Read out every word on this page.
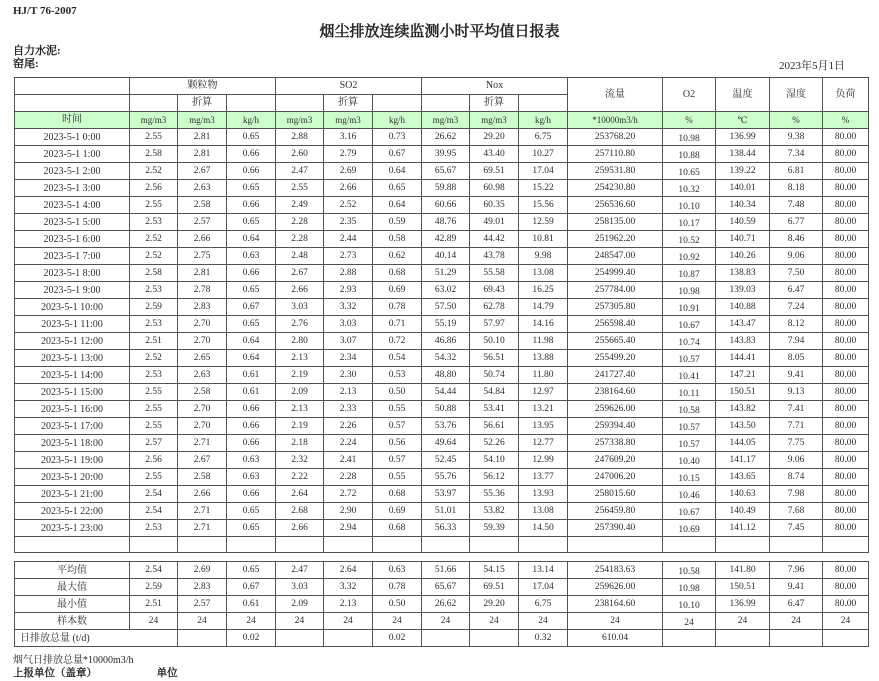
HJ/T 76-2007
烟尘排放连续监测小时平均值日报表
自力水泥:
窑尾:	2023年5月1日
	颗粒物			SO2			Nox			流量	O2	温度	湿度	负荷
		折算			折算			折算						
时间	mg/m3	mg/m3	kg/h	mg/m3	mg/m3	kg/h	mg/m3	mg/m3	kg/h	*10000m3/h	%	℃	%	%
2023-5-1 0:00	2.55	2.81	0.65	2.88	3.16	0.73	26.62	29.20	6.75	253768.20	10.98	136.99	9.38	80.00
2023-5-1 1:00	2.58	2.81	0.66	2.60	2.79	0.67	39.95	43.40	10.27	257110.80	10.88	138.44	7.34	80.00
2023-5-1 2:00	2.52	2.67	0.66	2.47	2.69	0.64	65.67	69.51	17.04	259531.80	10.65	139.22	6.81	80.00
2023-5-1 3:00	2.56	2.63	0.65	2.55	2.66	0.65	59.88	60.98	15.22	254230.80	10.32	140.01	8.18	80.00
2023-5-1 4:00	2.55	2.58	0.66	2.49	2.52	0.64	60.66	60.35	15.56	256536.60	10.10	140.34	7.48	80.00
2023-5-1 5:00	2.53	2.57	0.65	2.28	2.35	0.59	48.76	49.01	12.59	258135.00	10.17	140.59	6.77	80.00
2023-5-1 6:00	2.52	2.66	0.64	2.28	2.44	0.58	42.89	44.42	10.81	251962.20	10.52	140.71	8.46	80.00
2023-5-1 7:00	2.52	2.75	0.63	2.48	2.73	0.62	40.14	43.78	9.98	248547.00	10.92	140.26	9.06	80.00
2023-5-1 8:00	2.58	2.81	0.66	2.67	2.88	0.68	51.29	55.58	13.08	254999.40	10.87	138.83	7.50	80.00
2023-5-1 9:00	2.53	2.78	0.65	2.66	2.93	0.69	63.02	69.43	16.25	257784.00	10.98	139.03	6.47	80.00
2023-5-1 10:00	2.59	2.83	0.67	3.03	3.32	0.78	57.50	62.78	14.79	257305.80	10.91	140.88	7.24	80.00
2023-5-1 11:00	2.53	2.70	0.65	2.76	3.03	0.71	55.19	57.97	14.16	256598.40	10.67	143.47	8.12	80.00
2023-5-1 12:00	2.51	2.70	0.64	2.80	3.07	0.72	46.86	50.10	11.98	255665.40	10.74	143.83	7.94	80.00
2023-5-1 13:00	2.52	2.65	0.64	2.13	2.34	0.54	54.32	56.51	13.88	255499.20	10.57	144.41	8.05	80.00
2023-5-1 14:00	2.53	2.63	0.61	2.19	2.30	0.53	48.80	50.74	11.80	241727.40	10.41	147.21	9.41	80.00
2023-5-1 15:00	2.55	2.58	0.61	2.09	2.13	0.50	54.44	54.84	12.97	238164.60	10.11	150.51	9.13	80.00
2023-5-1 16:00	2.55	2.70	0.66	2.13	2.33	0.55	50.88	53.41	13.21	259626.00	10.58	143.82	7.41	80.00
2023-5-1 17:00	2.55	2.70	0.66	2.19	2.26	0.57	53.76	56.61	13.95	259394.40	10.57	143.50	7.71	80.00
2023-5-1 18:00	2.57	2.71	0.66	2.18	2.24	0.56	49.64	52.26	12.77	257338.80	10.57	144.05	7.75	80.00
2023-5-1 19:00	2.56	2.67	0.63	2.32	2.41	0.57	52.45	54.10	12.99	247609.20	10.40	141.17	9.06	80.00
2023-5-1 20:00	2.55	2.58	0.63	2.22	2.28	0.55	55.76	56.12	13.77	247006.20	10.15	143.65	8.74	80.00
2023-5-1 21:00	2.54	2.66	0.66	2.64	2.72	0.68	53.97	55.36	13.93	258015.60	10.46	140.63	7.98	80.00
2023-5-1 22:00	2.54	2.71	0.65	2.68	2.90	0.69	51.01	53.82	13.08	256459.80	10.67	140.49	7.68	80.00
2023-5-1 23:00	2.53	2.71	0.65	2.66	2.94	0.68	56.33	59.39	14.50	257390.40	10.69	141.12	7.45	80.00

平均值	2.54	2.69	0.65	2.47	2.64	0.63	51.66	54.15	13.14	254183.63	10.58	141.80	7.96	80.00
最大值	2.59	2.83	0.67	3.03	3.32	0.78	65.67	69.51	17.04	259626.00	10.98	150.51	9.41	80.00
最小值	2.51	2.57	0.61	2.09	2.13	0.50	26.62	29.20	6.75	238164.60	10.10	136.99	6.47	80.00
样本数	24	24	24	24	24	24	24	24	24	24	24	24	24	24
日排放总量 (t/d)			0.02			0.02			0.32	610.04				
烟气日排放总量*10000m3/h
上报单位（盖章）	单位
